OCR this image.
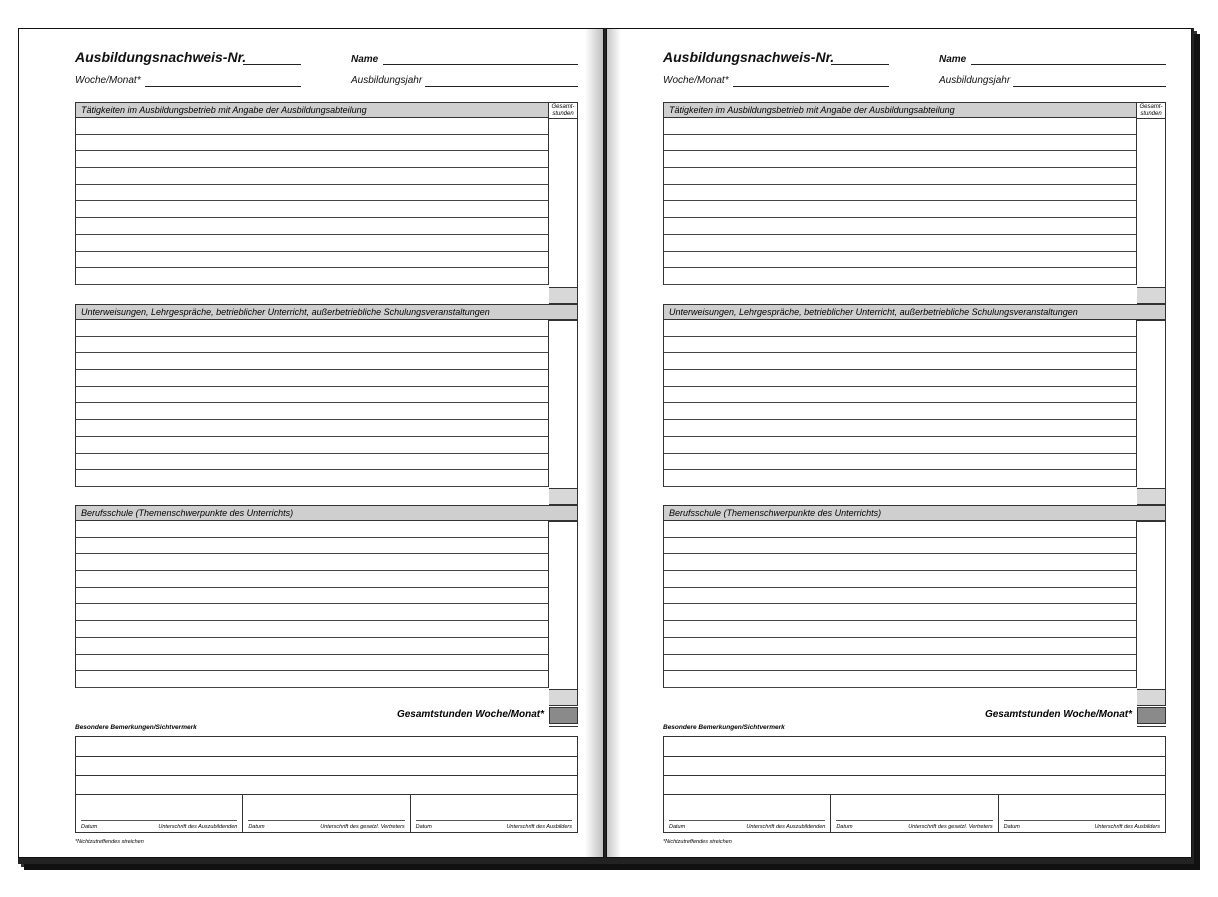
Ausbildungsnachweis-Nr.	Name
Woche/Monat*	Ausbildungsjahr
Tätigkeiten im Ausbildungsbetrieb mit Angabe der Ausbildungsabteilung	Gesamt-stunden
Unterweisungen, Lehrgespräche, betrieblicher Unterricht, außerbetriebliche Schulungsveranstaltungen
Berufsschule (Themenschwerpunkte des Unterrichts)
Gesamtstunden Woche/Monat*
Besondere Bemerkungen/Sichtvermerk
Datum	Unterschrift des Auszubildenden Datum	Unterschrift des gesetzl. Vertreters Datum	Unterschrift des Ausbilders
*Nichtzutreffendes streichen
Ausbildungsnachweis-Nr.	Name
Woche/Monat*	Ausbildungsjahr
Tätigkeiten im Ausbildungsbetrieb mit Angabe der Ausbildungsabteilung	Gesamt-stunden
Unterweisungen, Lehrgespräche, betrieblicher Unterricht, außerbetriebliche Schulungsveranstaltungen
Berufsschule (Themenschwerpunkte des Unterrichts)
Gesamtstunden Woche/Monat*
Besondere Bemerkungen/Sichtvermerk
Datum	Unterschrift des Auszubildenden Datum	Unterschrift des gesetzl. Vertreters Datum	Unterschrift des Ausbilders
*Nichtzutreffendes streichen
